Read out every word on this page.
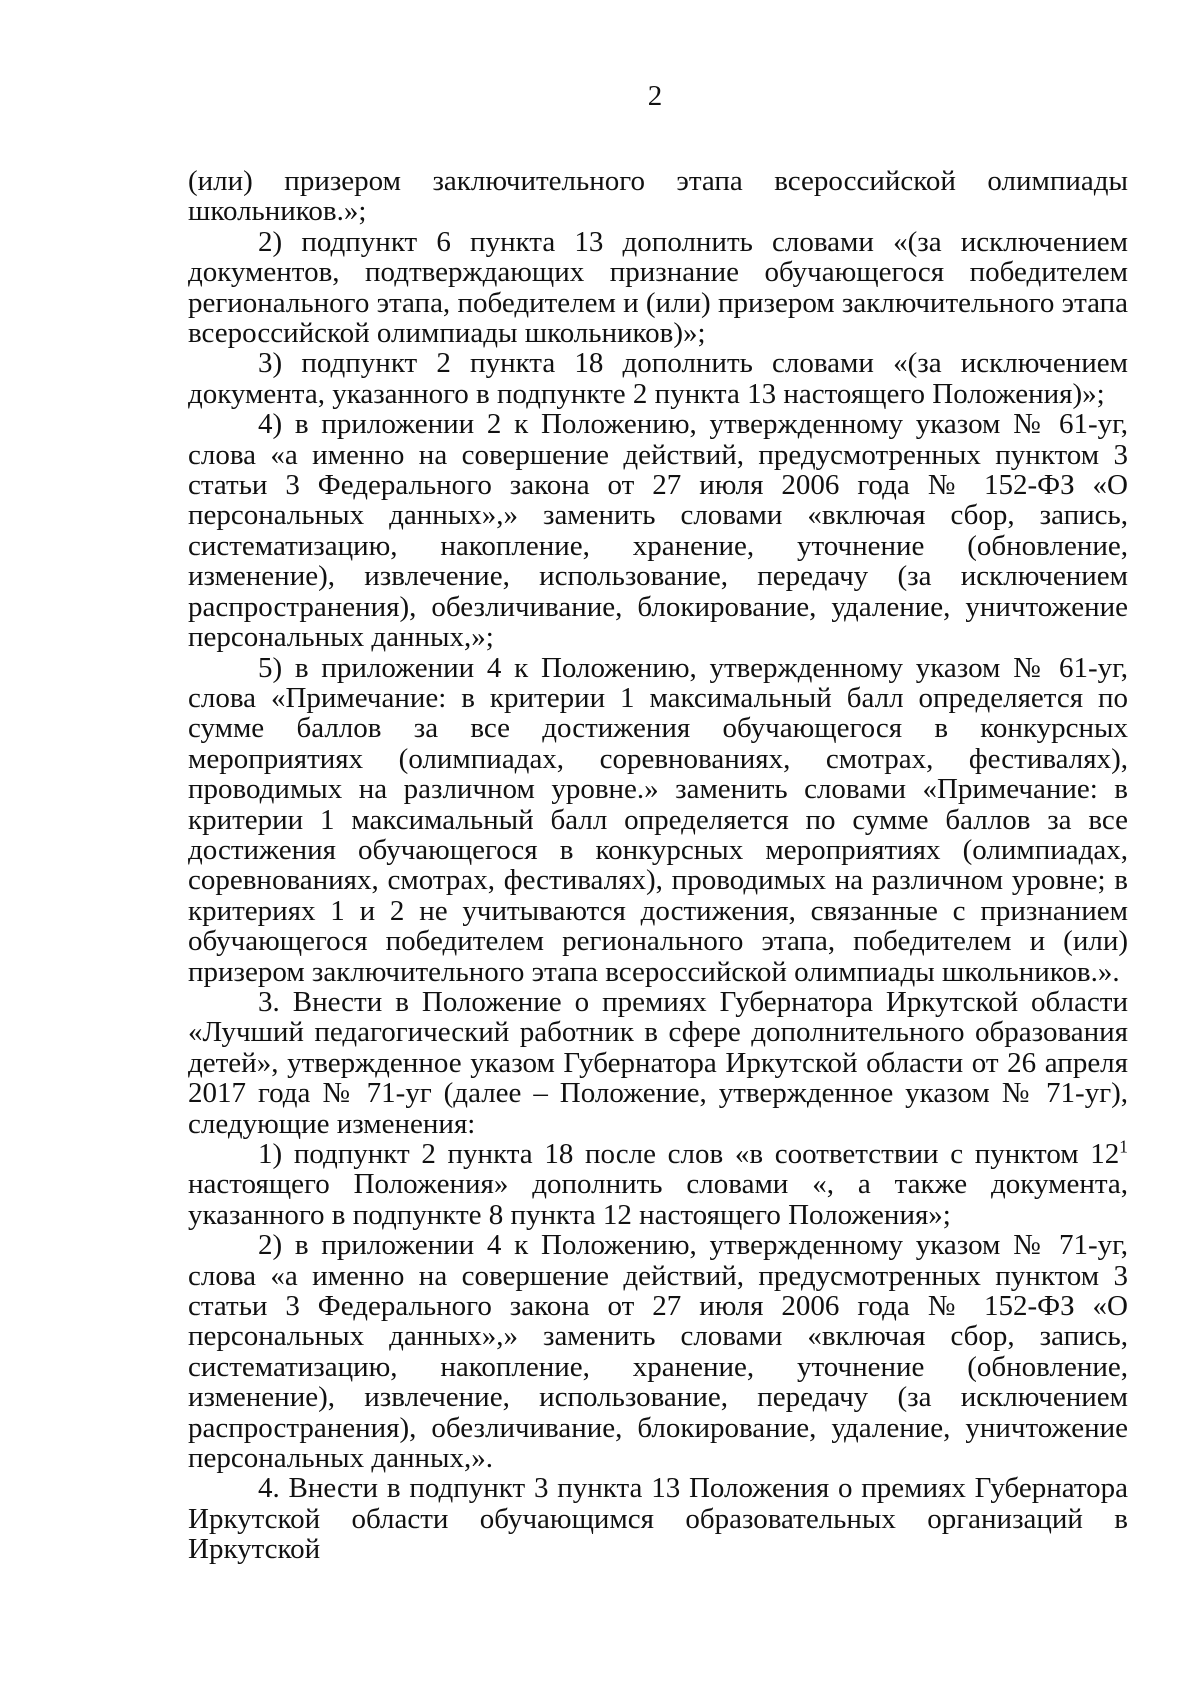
2

(или) призером заключительного этапа всероссийской олимпиады школьников.»;

2) подпункт 6 пункта 13 дополнить словами «(за исключением документов, подтверждающих признание обучающегося победителем регионального этапа, победителем и (или) призером заключительного этапа всероссийской олимпиады школьников)»;

3) подпункт 2 пункта 18 дополнить словами «(за исключением документа, указанного в подпункте 2 пункта 13 настоящего Положения)»;

4) в приложении 2 к Положению, утвержденному указом № 61-уг, слова «а именно на совершение действий, предусмотренных пунктом 3 статьи 3 Федерального закона от 27 июля 2006 года № 152-ФЗ «О персональных данных»,» заменить словами «включая сбор, запись, систематизацию, накопление, хранение, уточнение (обновление, изменение), извлечение, использование, передачу (за исключением распространения), обезличивание, блокирование, удаление, уничтожение персональных данных,»;

5) в приложении 4 к Положению, утвержденному указом № 61-уг, слова «Примечание: в критерии 1 максимальный балл определяется по сумме баллов за все достижения обучающегося в конкурсных мероприятиях (олимпиадах, соревнованиях, смотрах, фестивалях), проводимых на различном уровне.» заменить словами «Примечание: в критерии 1 максимальный балл определяется по сумме баллов за все достижения обучающегося в конкурсных мероприятиях (олимпиадах, соревнованиях, смотрах, фестивалях), проводимых на различном уровне; в критериях 1 и 2 не учитываются достижения, связанные с признанием обучающегося победителем регионального этапа, победителем и (или) призером заключительного этапа всероссийской олимпиады школьников.».

3. Внести в Положение о премиях Губернатора Иркутской области «Лучший педагогический работник в сфере дополнительного образования детей», утвержденное указом Губернатора Иркутской области от 26 апреля 2017 года № 71-уг (далее – Положение, утвержденное указом № 71-уг), следующие изменения:

1) подпункт 2 пункта 18 после слов «в соответствии с пунктом $12^1$ настоящего Положения» дополнить словами «, а также документа, указанного в подпункте 8 пункта 12 настоящего Положения»;

2) в приложении 4 к Положению, утвержденному указом № 71-уг, слова «а именно на совершение действий, предусмотренных пунктом 3 статьи 3 Федерального закона от 27 июля 2006 года № 152-ФЗ «О персональных данных»,» заменить словами «включая сбор, запись, систематизацию, накопление, хранение, уточнение (обновление, изменение), извлечение, использование, передачу (за исключением распространения), обезличивание, блокирование, удаление, уничтожение персональных данных,».

4. Внести в подпункт 3 пункта 13 Положения о премиях Губернатора Иркутской области обучающимся образовательных организаций в Иркутской
